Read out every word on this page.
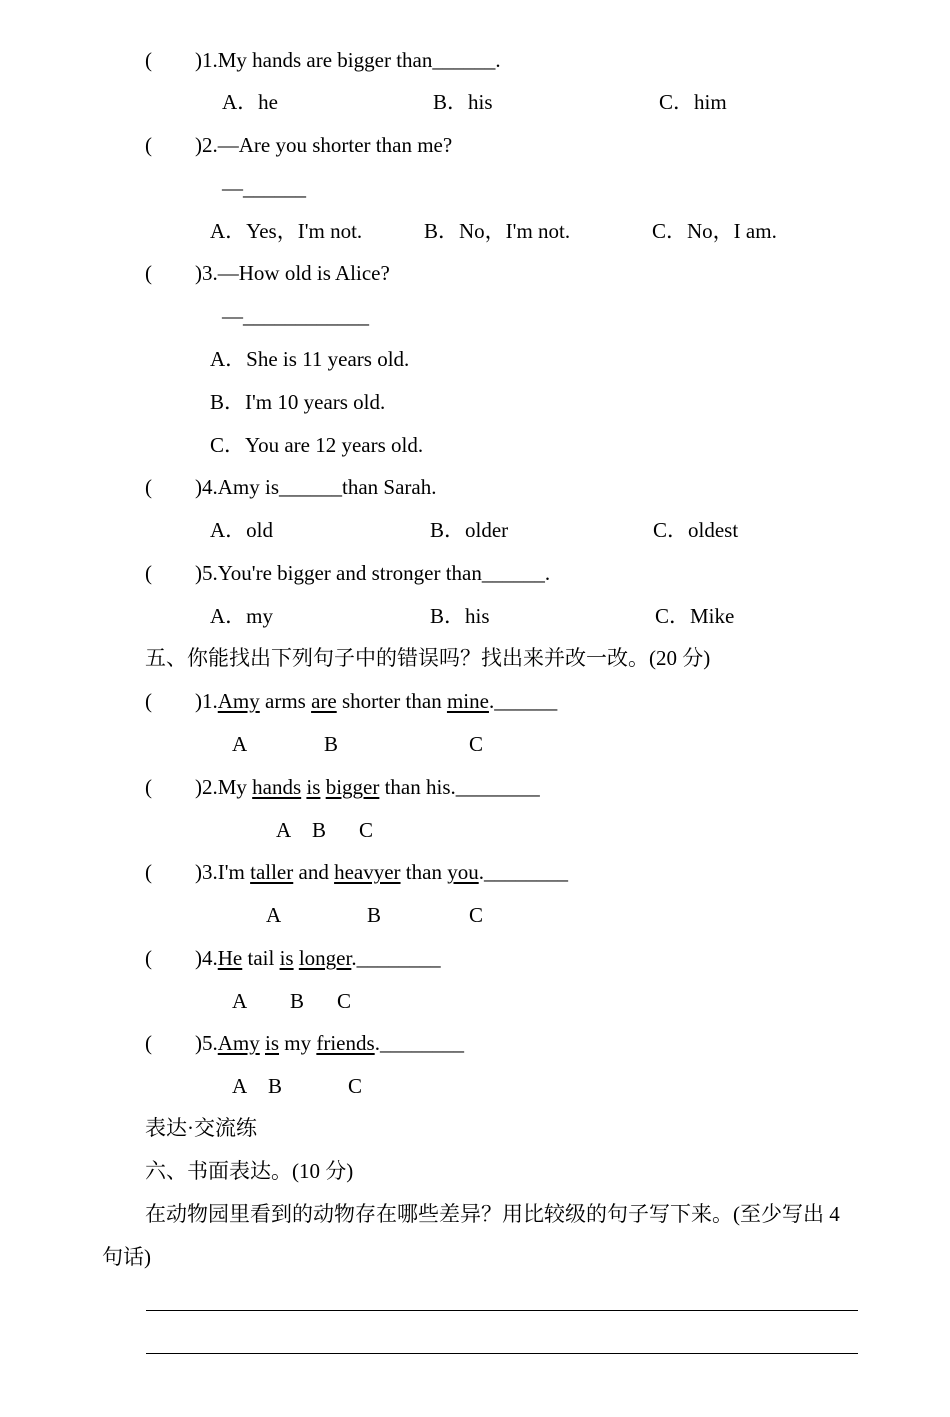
( )1.My hands are bigger than______.
A．he	B．his	C．him
( )2.—Are you shorter than me?
—______
A．Yes，I'm not.	B．No，I'm not.	C．No，I am.
( )3.—How old is Alice?
—____________
A．She is 11 years old.
B．I'm 10 years old.
C．You are 12 years old.
( )4.Amy is______than Sarah.
A．old	B．older	C．oldest
( )5.You're bigger and stronger than______.
A．my	B．his	C．Mike
五、你能找出下列句子中的错误吗？找出来并改一改。(20 分)
( )1.Amy arms are shorter than mine.______
A	B	C
( )2.My hands is bigger than his.________
A B C
( )3.I'm taller and heavyer than you.________
A	B	C
( )4.He tail is longer.________
A B C
( )5.Amy is my friends.________
A B	C
表达·交流练
六、书面表达。(10 分)
在动物园里看到的动物存在哪些差异？用比较级的句子写下来。(至少写出 4
句话)
